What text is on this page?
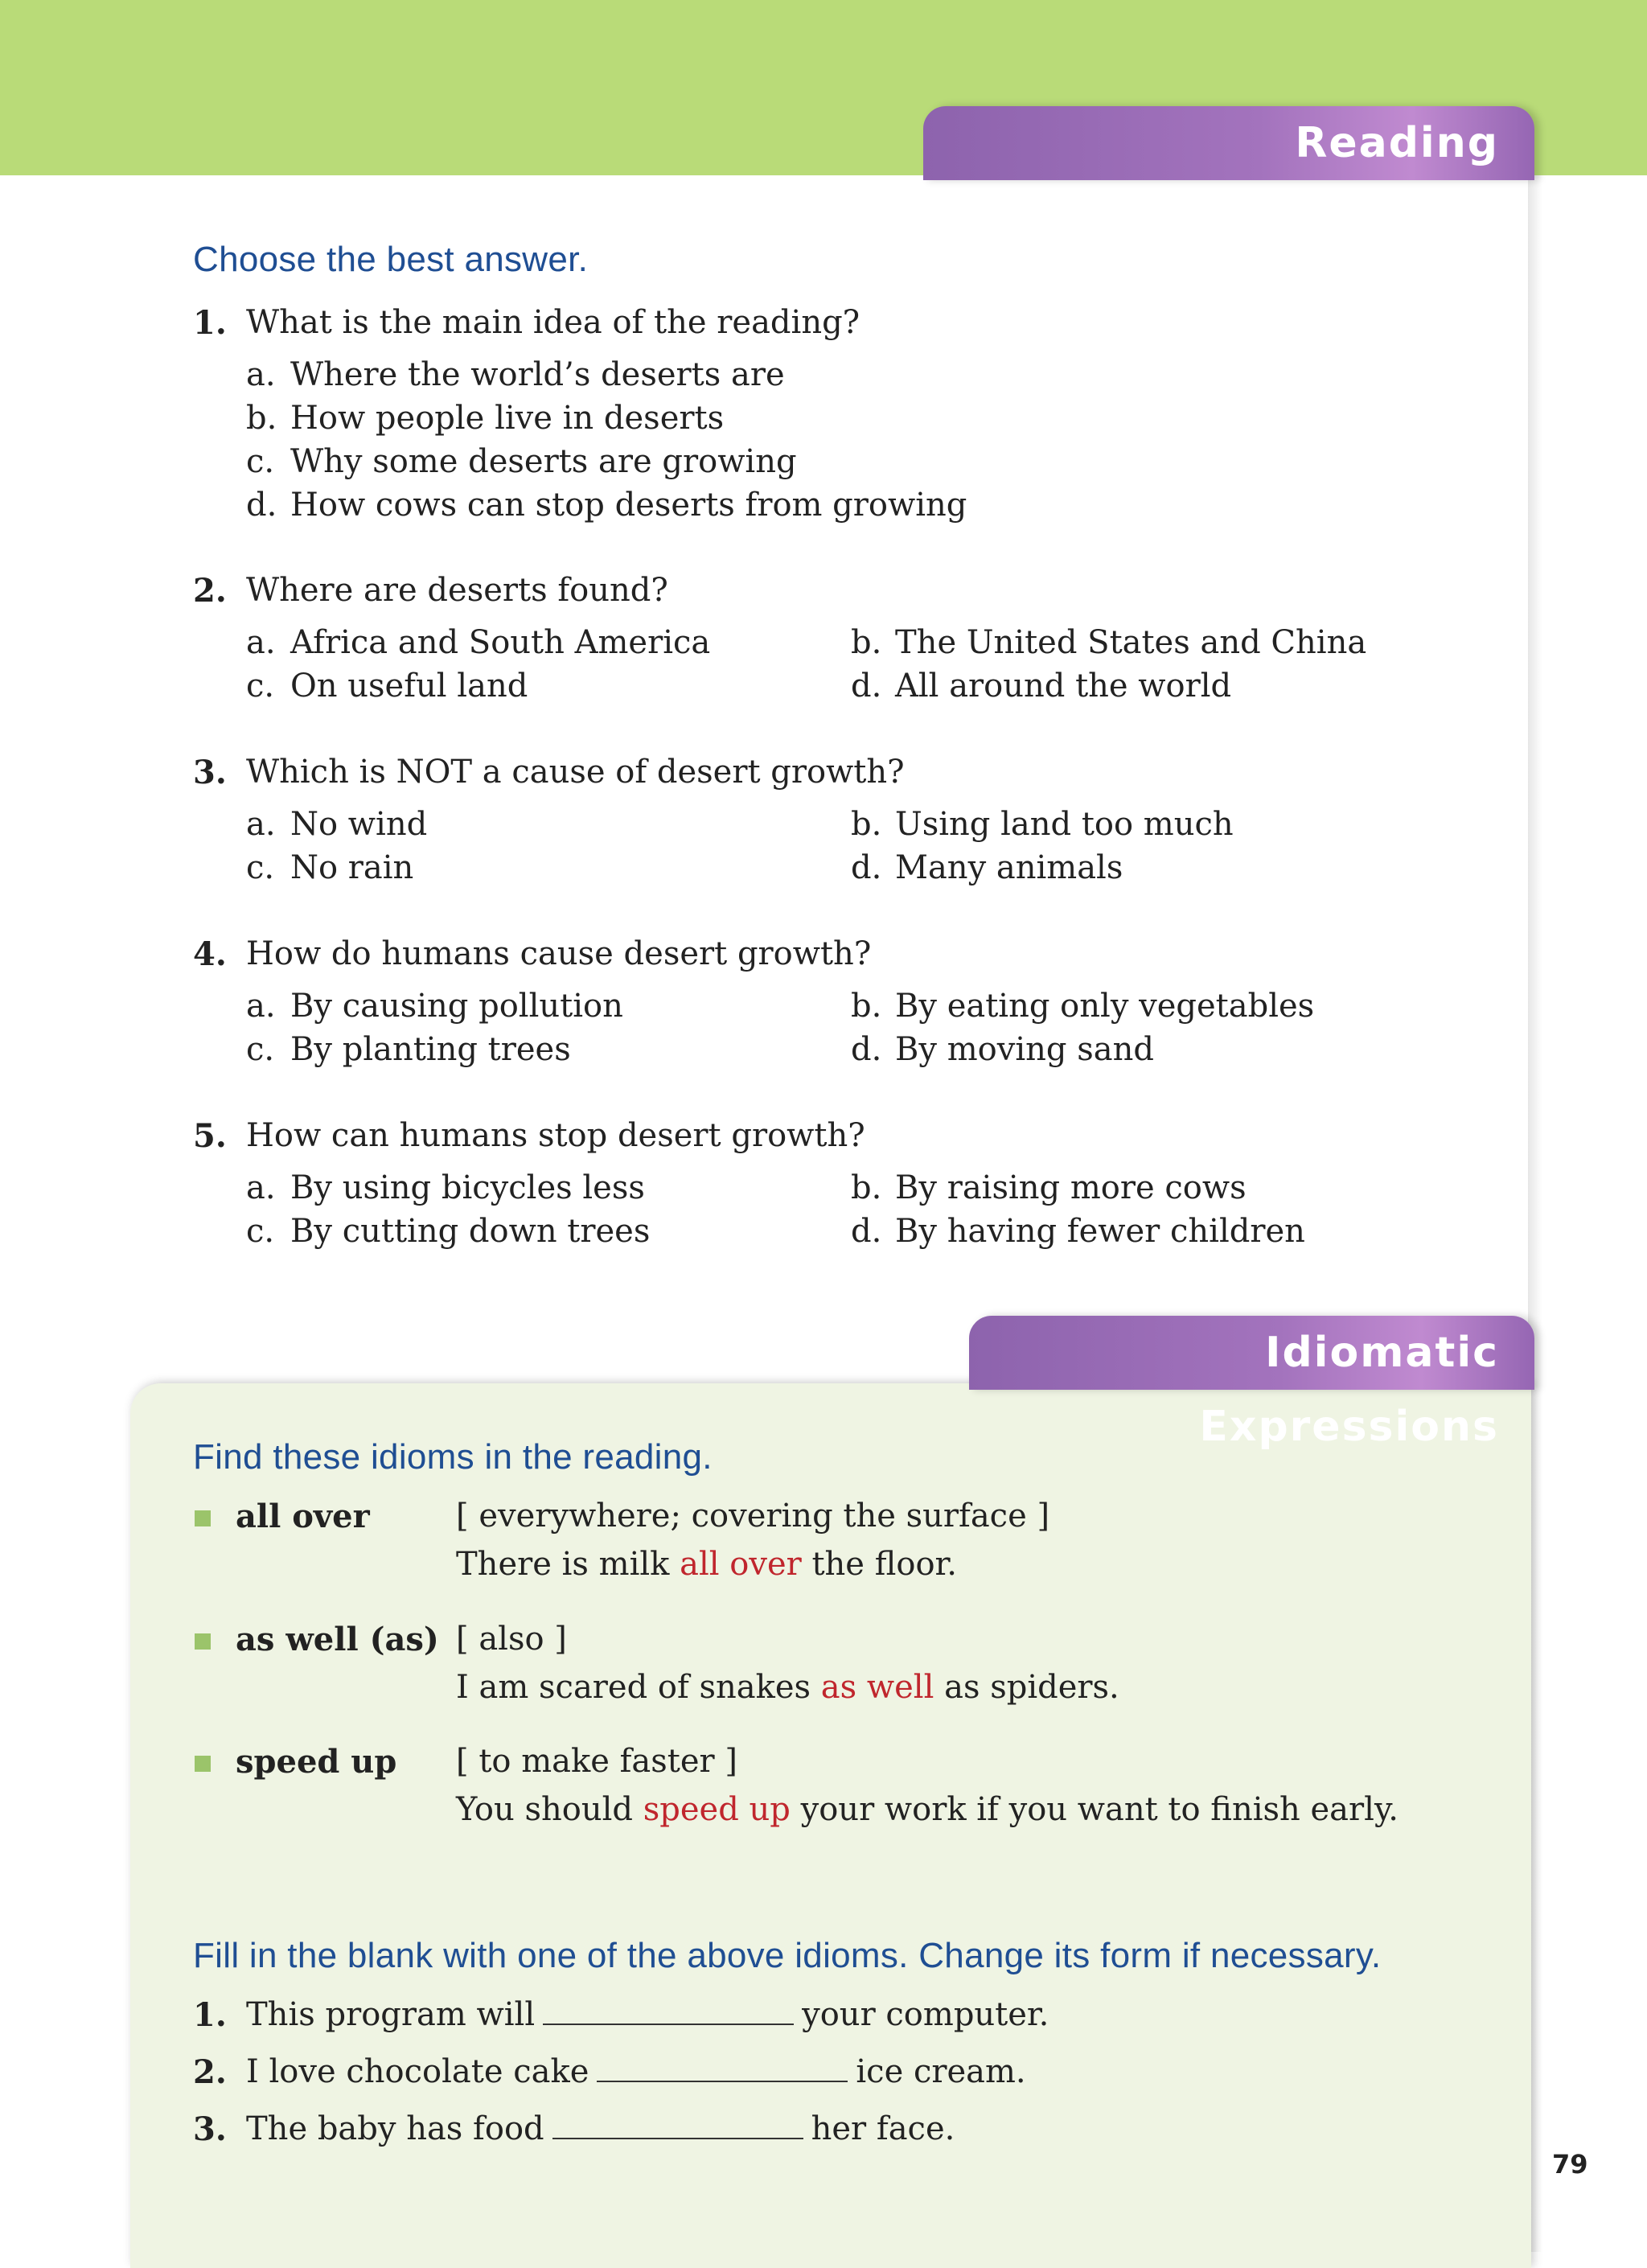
Reading Comprehension
Choose the best answer.
1. What is the main idea of the reading?
a. Where the world’s deserts are
b. How people live in deserts
c. Why some deserts are growing
d. How cows can stop deserts from growing
2. Where are deserts found?
a. Africa and South America	b. The United States and China
c. On useful land	d. All around the world
3. Which is NOT a cause of desert growth?
a. No wind	b. Using land too much
c. No rain	d. Many animals
4. How do humans cause desert growth?
a. By causing pollution	b. By eating only vegetables
c. By planting trees	d. By moving sand
5. How can humans stop desert growth?
a. By using bicycles less	b. By raising more cows
c. By cutting down trees	d. By having fewer children
Idiomatic Expressions
Find these idioms in the reading.
all over	[ everywhere; covering the surface ]
There is milk all over the floor.
as well (as) [ also ]
I am scared of snakes as well as spiders.
speed up [ to make faster ]
You should speed up your work if you want to finish early.
Fill in the blank with one of the above idioms. Change its form if necessary.
1. This program will	your computer.
2. I love chocolate cake	ice cream.
3. The baby has food	her face.
79
